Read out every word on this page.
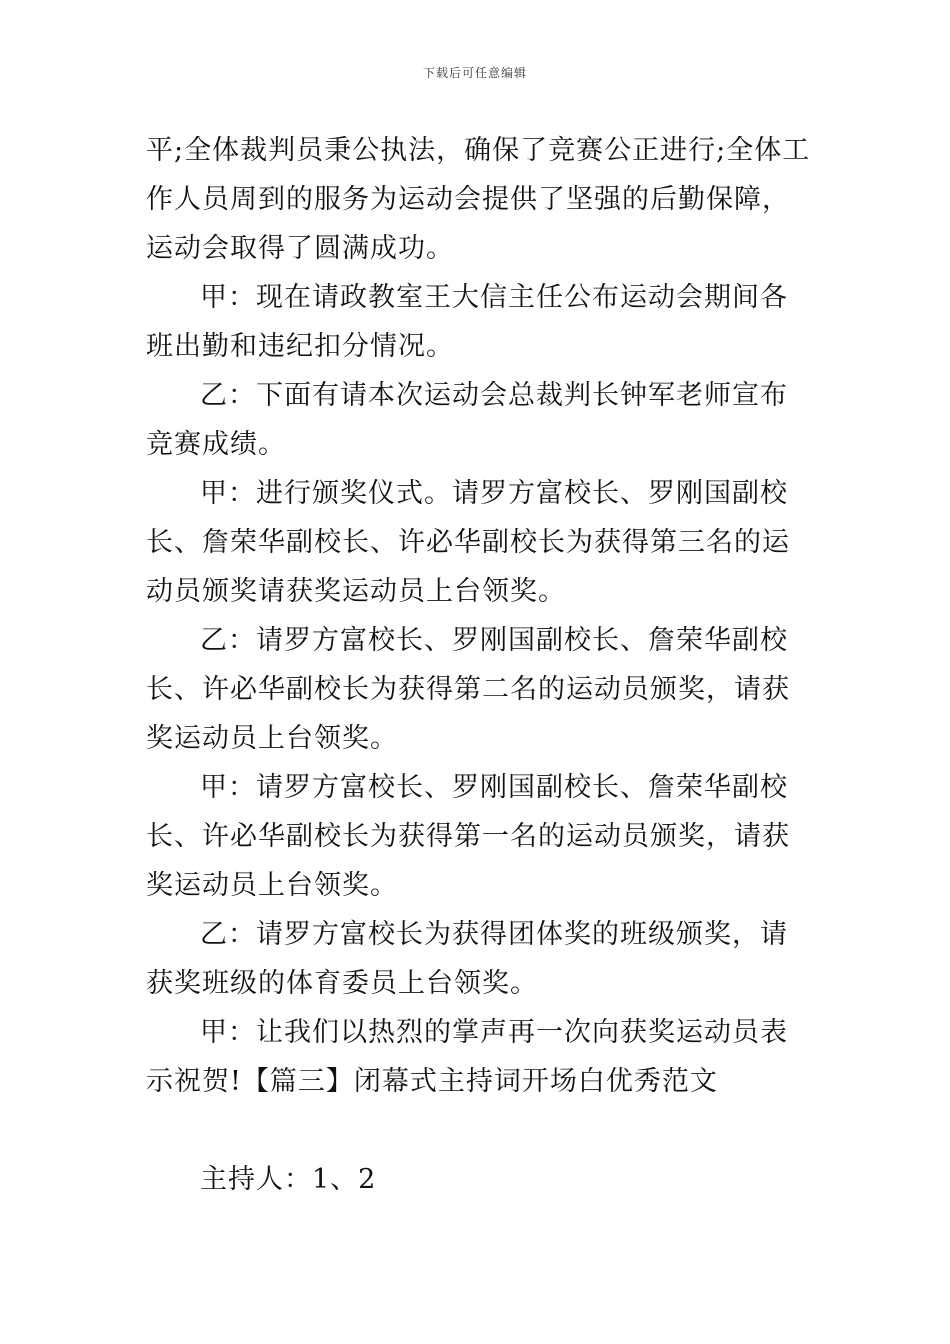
下载后可任意编辑

平;全体裁判员秉公执法，确保了竞赛公正进行;全体工作人员周到的服务为运动会提供了坚强的后勤保障，运动会取得了圆满成功。

甲：现在请政教室王大信主任公布运动会期间各班出勤和违纪扣分情况。

乙：下面有请本次运动会总裁判长钟军老师宣布竞赛成绩。

甲：进行颁奖仪式。请罗方富校长、罗刚国副校长、詹荣华副校长、许必华副校长为获得第三名的运动员颁奖请获奖运动员上台领奖。

乙：请罗方富校长、罗刚国副校长、詹荣华副校长、许必华副校长为获得第二名的运动员颁奖，请获奖运动员上台领奖。

甲：请罗方富校长、罗刚国副校长、詹荣华副校长、许必华副校长为获得第一名的运动员颁奖，请获奖运动员上台领奖。

乙：请罗方富校长为获得团体奖的班级颁奖，请获奖班级的体育委员上台领奖。

甲：让我们以热烈的掌声再一次向获奖运动员表示祝贺!【篇三】闭幕式主持词开场白优秀范文

主持人：1、2
